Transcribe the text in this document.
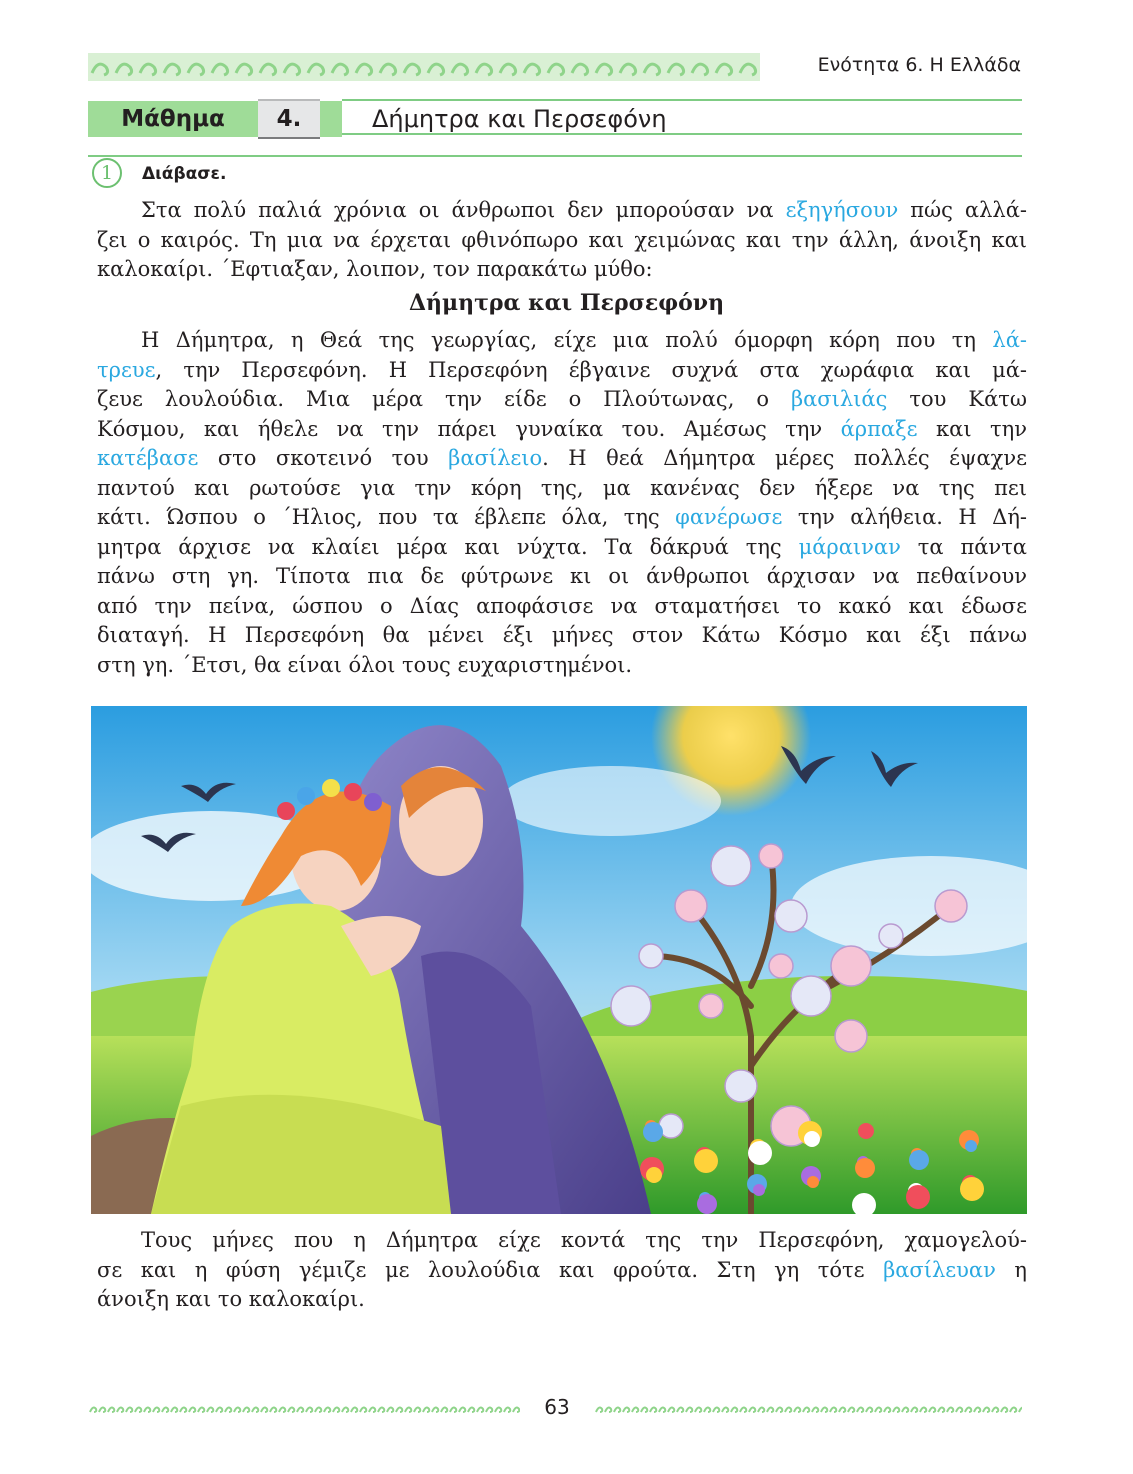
Ενότητα 6. Η Ελλάδα
Μάθημα	4.	Δήμητρα και Περσεφόνη
1	Διάβασε.
Στα πολύ παλιά χρόνια οι άνθρωποι δεν μπορούσαν να εξηγήσουν πώς αλλά-
ζει ο καιρός. Τη μια να έρχεται φθινόπωρο και χειμώνας και την άλλη, άνοιξη και
καλοκαίρι. ΄Εφτιαξαν, λοιπον, τον παρακάτω μύθο:
Δήμητρα και Περσεφόνη
Η Δήμητρα, η Θεά της γεωργίας, είχε μια πολύ όμορφη κόρη που τη λά-
τρευε, την Περσεφόνη. Η Περσεφόνη έβγαινε συχνά στα χωράφια και μά-
ζευε λουλούδια. Μια μέρα την είδε ο Πλούτωνας, ο βασιλιάς του Κάτω
Κόσμου, και ήθελε να την πάρει γυναίκα του. Αμέσως την άρπαξε και την
κατέβασε στο σκοτεινό του βασίλειο. Η θεά Δήμητρα μέρες πολλές έψαχνε
παντού και ρωτούσε για την κόρη της, μα κανένας δεν ήξερε να της πει
κάτι. Ώσπου ο ΄Ηλιος, που τα έβλεπε όλα, της φανέρωσε την αλήθεια. Η Δή-
μητρα άρχισε να κλαίει μέρα και νύχτα. Τα δάκρυά της μάραιναν τα πάντα
πάνω στη γη. Τίποτα πια δε φύτρωνε κι οι άνθρωποι άρχισαν να πεθαίνουν
από την πείνα, ώσπου ο Δίας αποφάσισε να σταματήσει το κακό και έδωσε
διαταγή. Η Περσεφόνη θα μένει έξι μήνες στον Κάτω Κόσμο και έξι πάνω
στη γη. ΄Ετσι, θα είναι όλοι τους ευχαριστημένοι.
Τους μήνες που η Δήμητρα είχε κοντά της την Περσεφόνη, χαμογελού-
σε και η φύση γέμιζε με λουλούδια και φρούτα. Στη γη τότε βασίλευαν η
άνοιξη και το καλοκαίρι.
63
